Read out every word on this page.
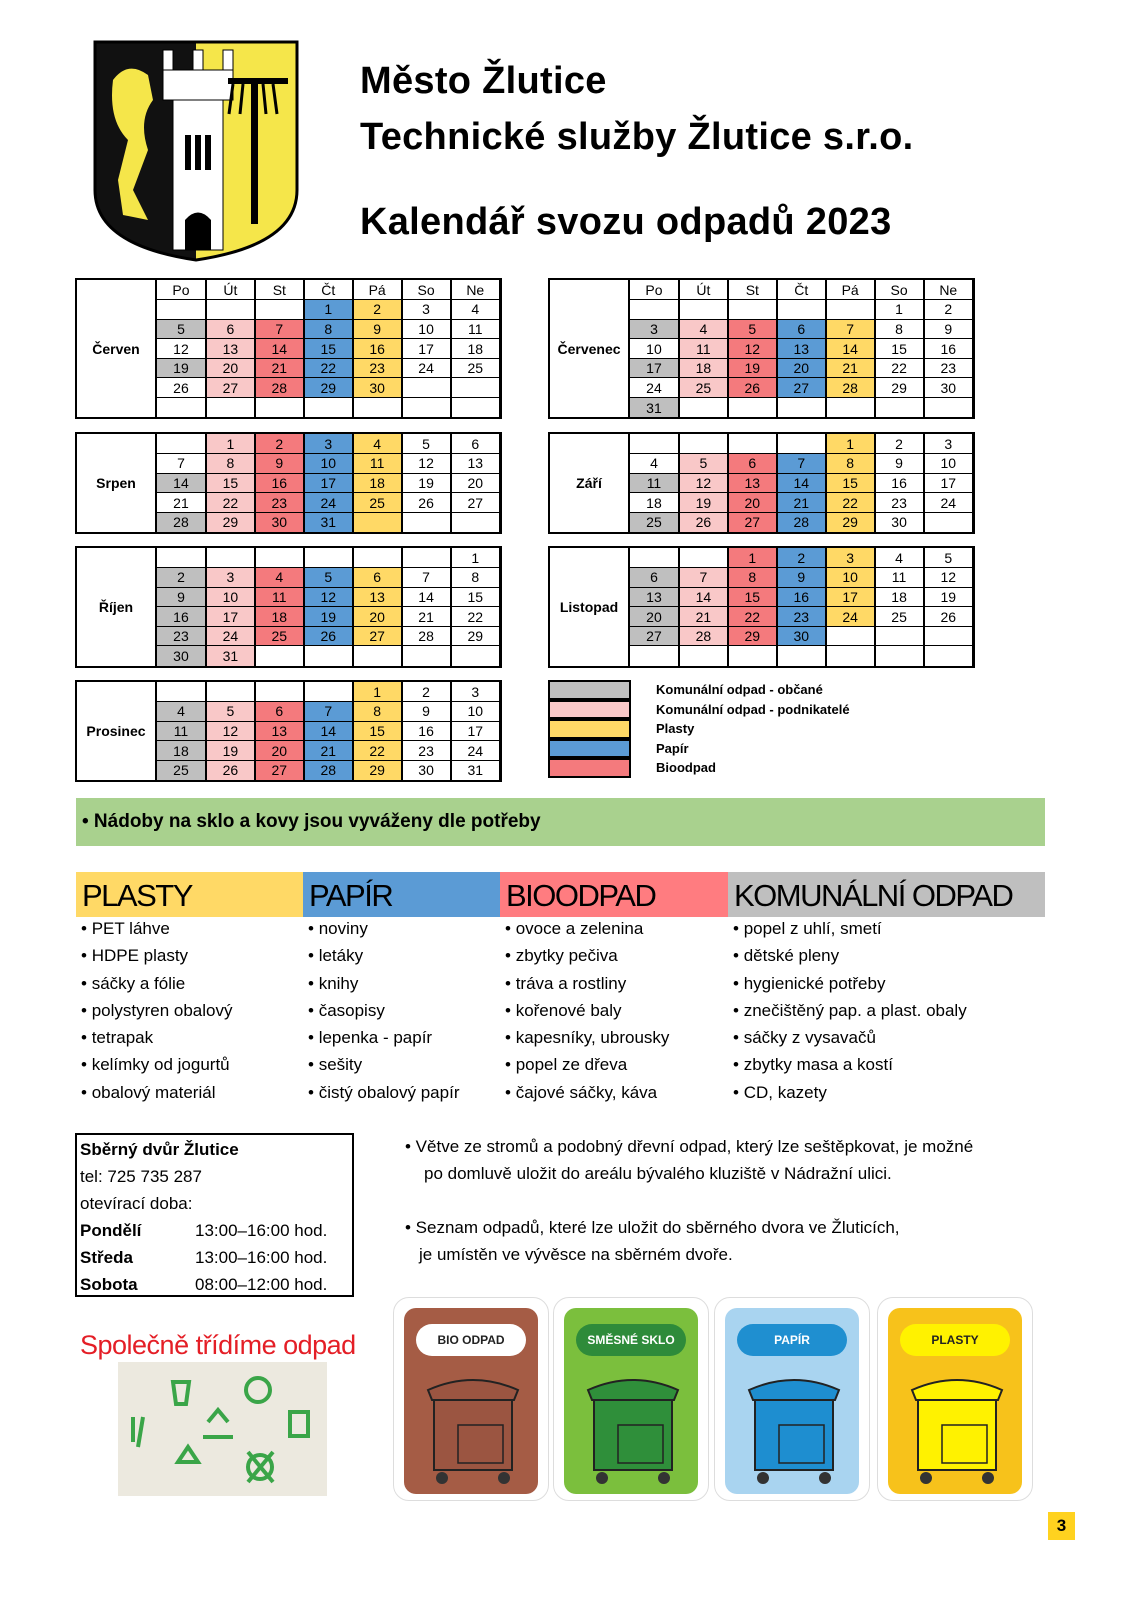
Město Žlutice
Technické služby Žlutice s.r.o.
Kalendář svozu odpadů 2023
Červen
Po	Út	St	Čt	Pá	So	Ne
			1	2	3	4
5	6	7	8	9	10	11
12	13	14	15	16	17	18
19	20	21	22	23	24	25
26	27	28	29	30		

Červenec
Po	Út	St	Čt	Pá	So	Ne
					1	2
3	4	5	6	7	8	9
10	11	12	13	14	15	16
17	18	19	20	21	22	23
24	25	26	27	28	29	30
31						
Srpen
	1	2	3	4	5	6
7	8	9	10	11	12	13
14	15	16	17	18	19	20
21	22	23	24	25	26	27
28	29	30	31			
Září
				1	2	3
4	5	6	7	8	9	10
11	12	13	14	15	16	17
18	19	20	21	22	23	24
25	26	27	28	29	30	
Říjen
						1
2	3	4	5	6	7	8
9	10	11	12	13	14	15
16	17	18	19	20	21	22
23	24	25	26	27	28	29
30	31					
Listopad
		1	2	3	4	5
6	7	8	9	10	11	12
13	14	15	16	17	18	19
20	21	22	23	24	25	26
27	28	29	30			

Prosinec
				1	2	3
4	5	6	7	8	9	10
11	12	13	14	15	16	17
18	19	20	21	22	23	24
25	26	27	28	29	30	31
Komunální odpad - občané
Komunální odpad - podnikatelé
Plasty
Papír
Bioodpad
• Nádoby na sklo a kovy jsou vyváženy dle potřeby
PLASTY
• PET láhve
• HDPE plasty
• sáčky a fólie
• polystyren obalový
• tetrapak
• kelímky od jogurtů
• obalový materiál
PAPÍR
• noviny
• letáky
• knihy
• časopisy
• lepenka - papír
• sešity
• čistý obalový papír
BIOODPAD
• ovoce a zelenina
• zbytky pečiva
• tráva a rostliny
• kořenové baly
• kapesníky, ubrousky
• popel ze dřeva
• čajové sáčky, káva
KOMUNÁLNÍ ODPAD
• popel z uhlí, smetí
• dětské pleny
• hygienické potřeby
• znečištěný pap. a plast. obaly
• sáčky z vysavačů
• zbytky masa a kostí
• CD, kazety
Sběrný dvůr Žlutice
tel: 725 735 287
otevírací doba:
Pondělí	13:00–16:00 hod.
Středa	13:00–16:00 hod.
Sobota	08:00–12:00 hod.
• Větve ze stromů a podobný dřevní odpad, který lze seštěpkovat, je možné
po domluvě uložit do areálu bývalého kluziště v Nádražní ulici.
• Seznam odpadů, které lze uložit do sběrného dvora ve Žluticích,
je umístěn ve vývěsce na sběrném dvoře.
Společně třídíme odpad	BIO ODPAD	SMĚSNÉ SKLO	PAPÍR	PLASTY
3
